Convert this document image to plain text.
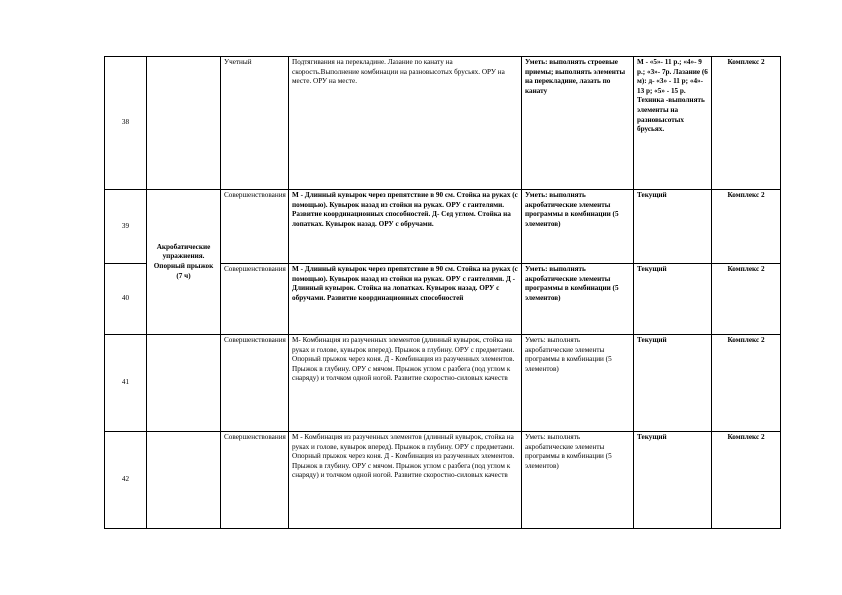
38		Учетный	Подтягивания на перекладине. Лазание по канату на скорость.Выполнение комбинации на разновысотых брусьях. ОРУ на месте. ОРУ на месте.	Уметь: выполнять строевые приемы; выполнять элементы на перекладине, лазать по канату	М - «5»- 11 р.; «4»- 9 р.; «3»- 7р. Лазание (6 м): д- «3» - 11 р; «4»- 13 р; «5» - 15 р. Техника -выполнять элементы на разновысотых брусьях.	Комплекс 2
39	Акробатические упражнения. Опорный прыжок (7 ч)	Совершенствования	М - Длинный кувырок через препятствие в 90 см. Стойка на руках (с помощью). Кувырок назад из стойки на руках. ОРУ с гантелями. Развитие координационных способностей. Д- Сед углом. Стойка на лопатках. Кувырок назад. ОРУ с обручами.	Уметь: выполнять акробатические элементы программы в комбинации (5 элементов)	Текущий	Комплекс 2
40		Совершенствования	М - Длинный кувырок через препятствие в 90 см. Стойка на руках (с помощью). Кувырок назад из стойки на руках. ОРУ с гантелями. Д - Длинный кувырок. Стойка на лопатках. Кувырок назад. ОРУ с обручами. Развитие координационных способностей	Уметь: выполнять акробатические элементы программы в комбинации (5 элементов)	Текущий	Комплекс 2
41		Совершенствования	М- Комбинация из разученных элементов (длинный кувырок, стойка на руках и голове, кувырок вперед). Прыжок в глубину. ОРУ с предметами. Опорный прыжок через коня. Д - Комбинация из разученных элементов. Прыжок в глубину. ОРУ с мячом. Прыжок углом с разбега (под углом к снаряду) и толчком одной ногой. Развитие скоростно-силовых качеств	Уметь: выполнять акробатические элементы программы в комбинации (5 элементов)	Текущий	Комплекс 2
42		Совершенствования	М - Комбинация из разученных элементов (длинный кувырок, стойка на руках и голове, кувырок вперед). Прыжок в глубину. ОРУ с предметами. Опорный прыжок через коня. Д - Комбинация из разученных элементов. Прыжок в глубину. ОРУ с мячом. Прыжок углом с разбега (под углом к снаряду) и толчком одной ногой. Развитие скоростно-силовых качеств	Уметь: выполнять акробатические элементы программы в комбинации (5 элементов)	Текущий	Комплекс 2
